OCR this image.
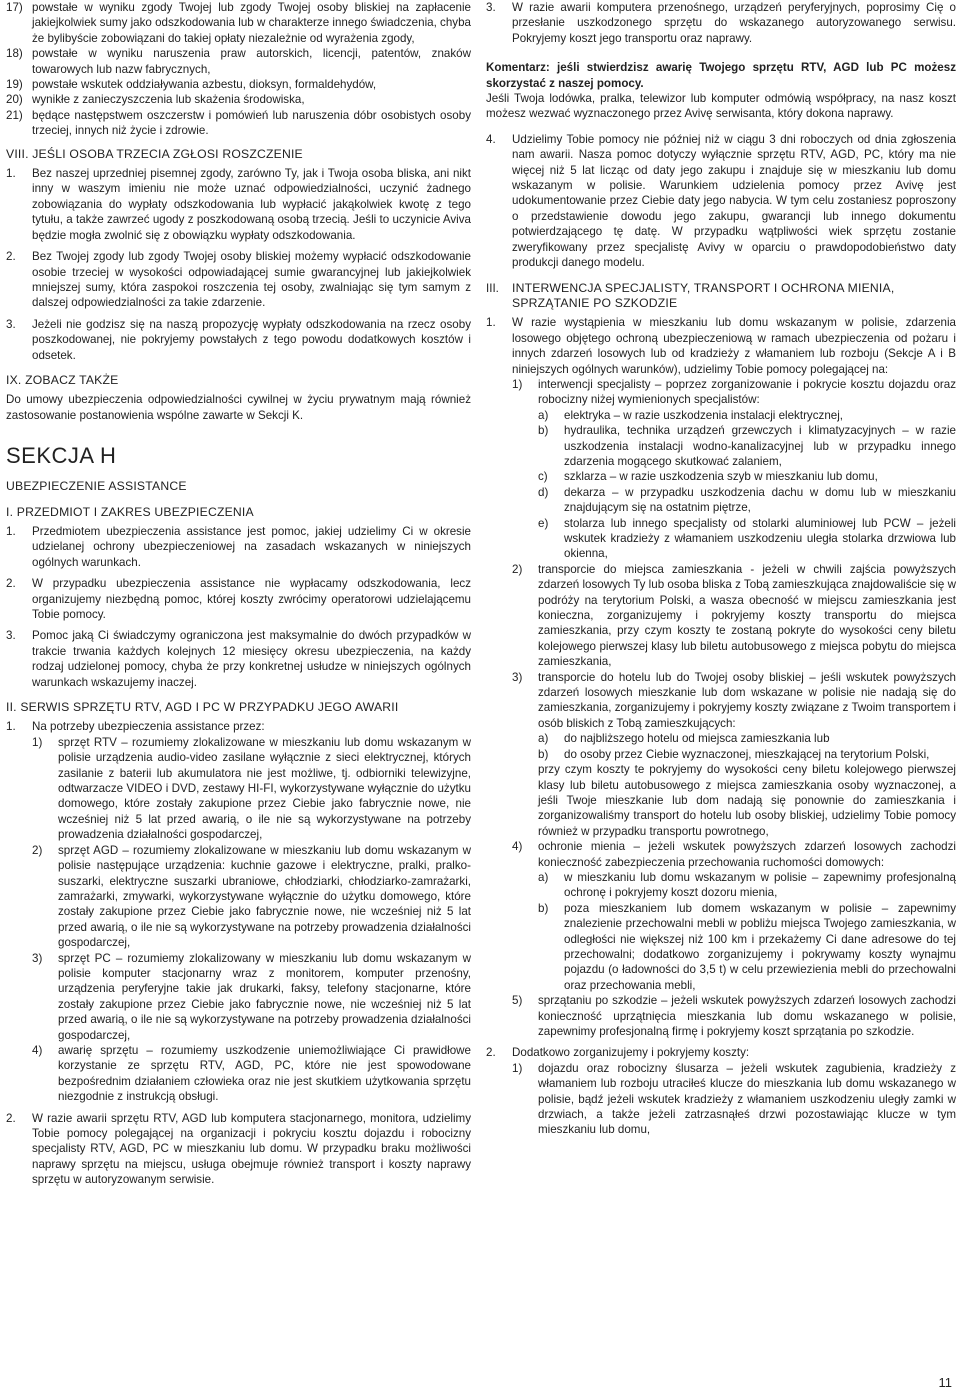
17) powstałe w wyniku zgody Twojej lub zgody Twojej osoby bliskiej na zapłacenie jakiejkolwiek sumy jako odszkodowania lub w charakterze innego świadczenia, chyba że bylibyście zobowiązani do takiej opłaty niezależnie od wyrażenia zgody,
18) powstałe w wyniku naruszenia praw autorskich, licencji, patentów, znaków towarowych lub nazw fabrycznych,
19) powstałe wskutek oddziaływania azbestu, dioksyn, formaldehydów,
20) wynikłe z zanieczyszczenia lub skażenia środowiska,
21) będące następstwem oszczerstw i pomówień lub naruszenia dóbr osobistych osoby trzeciej, innych niż życie i zdrowie.
VIII. JEŚLI OSOBA TRZECIA ZGŁOSI ROSZCZENIE
1.	Bez naszej uprzedniej pisemnej zgody, zarówno Ty, jak i Twoja osoba bliska, ani nikt inny w waszym imieniu nie może uznać odpowiedzialności, uczynić żadnego zobowiązania do wypłaty odszkodowania lub wypłacić jakąkolwiek kwotę z tego tytułu, a także zawrzeć ugody z poszkodowaną osobą trzecią. Jeśli to uczynicie Aviva będzie mogła zwolnić się z obowiązku wypłaty odszkodowania.
2.	Bez Twojej zgody lub zgody Twojej osoby bliskiej możemy wypłacić odszkodowanie osobie trzeciej w wysokości odpowiadającej sumie gwarancyjnej lub jakiejkolwiek mniejszej sumy, która zaspokoi roszczenia tej osoby, zwalniając się tym samym z dalszej odpowiedzialności za takie zdarzenie.
3.	Jeżeli nie godzisz się na naszą propozycję wypłaty odszkodowania na rzecz osoby poszkodowanej, nie pokryjemy powstałych z tego powodu dodatkowych kosztów i odsetek.
IX. ZOBACZ TAKŻE

Do umowy ubezpieczenia odpowiedzialności cywilnej w życiu prywatnym mają również zastosowanie postanowienia wspólne zawarte w Sekcji K.

SEKCJA H
UBEZPIECZENIE ASSISTANCE
I. PRZEDMIOT I ZAKRES UBEZPIECZENIA
1.	Przedmiotem ubezpieczenia assistance jest pomoc, jakiej udzielimy Ci w okresie udzielanej ochrony ubezpieczeniowej na zasadach wskazanych w niniejszych ogólnych warunkach.
2.	W przypadku ubezpieczenia assistance nie wypłacamy odszkodowania, lecz organizujemy niezbędną pomoc, której koszty zwrócimy operatorowi udzielającemu Tobie pomocy.
3.	Pomoc jaką Ci świadczymy ograniczona jest maksymalnie do dwóch przypadków w trakcie trwania każdych kolejnych 12 miesięcy okresu ubezpieczenia, na każdy rodzaj udzielonej pomocy, chyba że przy konkretnej usłudze w niniejszych ogólnych warunkach wskazujemy inaczej.
II. SERWIS SPRZĘTU RTV, AGD I PC W PRZYPADKU JEGO AWARII
1.	Na potrzeby ubezpieczenia assistance przez:
1)	sprzęt RTV – rozumiemy zlokalizowane w mieszkaniu lub domu wskazanym w polisie urządzenia audio-video zasilane wyłącznie z sieci elektrycznej, których zasilanie z baterii lub akumulatora nie jest możliwe, tj. odbiorniki telewizyjne, odtwarzacze VIDEO i DVD, zestawy HI-FI, wykorzystywane wyłącznie do użytku domowego, które zostały zakupione przez Ciebie jako fabrycznie nowe, nie wcześniej niż 5 lat przed awarią, o ile nie są wykorzystywane na potrzeby prowadzenia działalności gospodarczej,
2)	sprzęt AGD – rozumiemy zlokalizowane w mieszkaniu lub domu wskazanym w polisie następujące urządzenia: kuchnie gazowe i elektryczne, pralki, pralko-suszarki, elektryczne suszarki ubraniowe, chłodziarki, chłodziarko-zamrażarki, zamrażarki, zmywarki, wykorzystywane wyłącznie do użytku domowego, które zostały zakupione przez Ciebie jako fabrycznie nowe, nie wcześniej niż 5 lat przed awarią, o ile nie są wykorzystywane na potrzeby prowadzenia działalności gospodarczej,
3)	sprzęt PC – rozumiemy zlokalizowany w mieszkaniu lub domu wskazanym w polisie komputer stacjonarny wraz z monitorem, komputer przenośny, urządzenia peryferyjne takie jak drukarki, faksy, telefony stacjonarne, które zostały zakupione przez Ciebie jako fabrycznie nowe, nie wcześniej niż 5 lat przed awarią, o ile nie są wykorzystywane na potrzeby prowadzenia działalności gospodarczej,
4)	awarię sprzętu – rozumiemy uszkodzenie uniemożliwiające Ci prawidłowe korzystanie ze sprzętu RTV, AGD, PC, które nie jest spowodowane bezpośrednim działaniem człowieka oraz nie jest skutkiem użytkowania sprzętu niezgodnie z instrukcją obsługi.
2.	W razie awarii sprzętu RTV, AGD lub komputera stacjonarnego, monitora, udzielimy Tobie pomocy polegającej na organizacji i pokryciu kosztu dojazdu i robocizny specjalisty RTV, AGD, PC w mieszkaniu lub domu. W przypadku braku możliwości naprawy sprzętu na miejscu, usługa obejmuje również transport i koszty naprawy sprzętu w autoryzowanym serwisie.
3.	W razie awarii komputera przenośnego, urządzeń peryferyjnych, poprosimy Cię o przesłanie uszkodzonego sprzętu do wskazanego autoryzowanego serwisu. Pokryjemy koszt jego transportu oraz naprawy.

Komentarz: jeśli stwierdzisz awarię Twojego sprzętu RTV, AGD lub PC możesz skorzystać z naszej pomocy.

Jeśli Twoja lodówka, pralka, telewizor lub komputer odmówią współpracy, na nasz koszt możesz wezwać wyznaczonego przez Avivę serwisanta, który dokona naprawy.

4.	Udzielimy Tobie pomocy nie później niż w ciągu 3 dni roboczych od dnia zgłoszenia nam awarii. Nasza pomoc dotyczy wyłącznie sprzętu RTV, AGD, PC, który ma nie więcej niż 5 lat licząc od daty jego zakupu i znajduje się w mieszkaniu lub domu wskazanym w polisie. Warunkiem udzielenia pomocy przez Avivę jest udokumentowanie przez Ciebie daty jego nabycia. W tym celu zostaniesz poproszony o przedstawienie dowodu jego zakupu, gwarancji lub innego dokumentu potwierdzającego tę datę. W przypadku wątpliwości wiek sprzętu zostanie zweryfikowany przez specjalistę Avivy w oparciu o prawdopodobieństwo daty produkcji danego modelu.
III.	INTERWENCJA SPECJALISTY, TRANSPORT I OCHRONA MIENIA, SPRZĄTANIE PO SZKODZIE
1.	W razie wystąpienia w mieszkaniu lub domu wskazanym w polisie, zdarzenia losowego objętego ochroną ubezpieczeniową w ramach ubezpieczenia od pożaru i innych zdarzeń losowych lub od kradzieży z włamaniem lub rozboju (Sekcje A i B niniejszych ogólnych warunków), udzielimy Tobie pomocy polegającej na:
1)	interwencji specjalisty – poprzez zorganizowanie i pokrycie kosztu dojazdu oraz robocizny niżej wymienionych specjalistów:
a)	elektryka – w razie uszkodzenia instalacji elektrycznej,
b)	hydraulika, technika urządzeń grzewczych i klimatyzacyjnych – w razie uszkodzenia instalacji wodno-kanalizacyjnej lub w przypadku innego zdarzenia mogącego skutkować zalaniem,
c)	szklarza – w razie uszkodzenia szyb w mieszkaniu lub domu,
d)	dekarza – w przypadku uszkodzenia dachu w domu lub w mieszkaniu znajdującym się na ostatnim piętrze,
e)	stolarza lub innego specjalisty od stolarki aluminiowej lub PCW – jeżeli wskutek kradzieży z włamaniem uszkodzeniu uległa stolarka drzwiowa lub okienna,
2)	transporcie do miejsca zamieszkania - jeżeli w chwili zajścia powyższych zdarzeń losowych Ty lub osoba bliska z Tobą zamieszkująca znajdowaliście się w podróży na terytorium Polski, a wasza obecność w miejscu zamieszkania jest konieczna, zorganizujemy i pokryjemy koszty transportu do miejsca zamieszkania, przy czym koszty te zostaną pokryte do wysokości ceny biletu kolejowego pierwszej klasy lub biletu autobusowego z miejsca pobytu do miejsca zamieszkania,
3)	transporcie do hotelu lub do Twojej osoby bliskiej – jeśli wskutek powyższych zdarzeń losowych mieszkanie lub dom wskazane w polisie nie nadają się do zamieszkania, zorganizujemy i pokryjemy koszty związane z Twoim transportem i osób bliskich z Tobą zamieszkujących:
a)	do najbliższego hotelu od miejsca zamieszkania lub
b)	do osoby przez Ciebie wyznaczonej, mieszkającej na terytorium Polski,

przy czym koszty te pokryjemy do wysokości ceny biletu kolejowego pierwszej klasy lub biletu autobusowego z miejsca zamieszkania osoby wyznaczonej, a jeśli Twoje mieszkanie lub dom nadają się ponownie do zamieszkania i zorganizowaliśmy transport do hotelu lub osoby bliskiej, udzielimy Tobie pomocy również w przypadku transportu powrotnego,

4)	ochronie mienia – jeżeli wskutek powyższych zdarzeń losowych zachodzi konieczność zabezpieczenia przechowania ruchomości domowych:
a)	w mieszkaniu lub domu wskazanym w polisie – zapewnimy profesjonalną ochronę i pokryjemy koszt dozoru mienia,
b)	poza mieszkaniem lub domem wskazanym w polisie – zapewnimy znalezienie przechowalni mebli w pobliżu miejsca Twojego zamieszkania, w odległości nie większej niż 100 km i przekażemy Ci dane adresowe do tej przechowalni; dodatkowo zorganizujemy i pokrywamy koszty wynajmu pojazdu (o ładowności do 3,5 t) w celu przewiezienia mebli do przechowalni oraz przechowania mebli,
5)	sprzątaniu po szkodzie – jeżeli wskutek powyższych zdarzeń losowych zachodzi konieczność uprzątnięcia mieszkania lub domu wskazanego w polisie, zapewnimy profesjonalną firmę i pokryjemy koszt sprzątania po szkodzie.
2.	Dodatkowo zorganizujemy i pokryjemy koszty:
1)	dojazdu oraz robocizny ślusarza – jeżeli wskutek zagubienia, kradzieży z włamaniem lub rozboju utraciłeś klucze do mieszkania lub domu wskazanego w polisie, bądź jeżeli wskutek kradzieży z włamaniem uszkodzeniu uległy zamki w drzwiach, a także jeżeli zatrzasnąłeś drzwi pozostawiając klucze w tym mieszkaniu lub domu,
11
